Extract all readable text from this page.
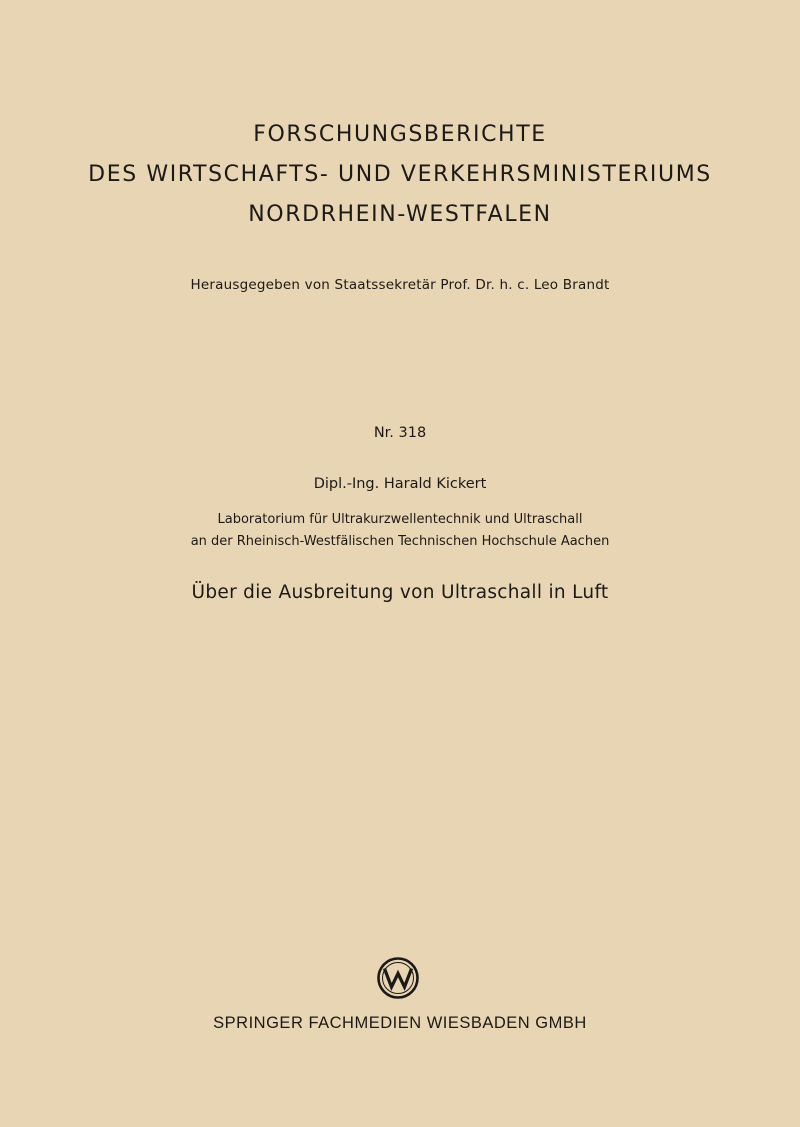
FORSCHUNGSBERICHTE
DES WIRTSCHAFTS- UND VERKEHRSMINISTERIUMS
NORDRHEIN-WESTFALEN
Herausgegeben von Staatssekretär Prof. Dr. h. c. Leo Brandt
Nr. 318
Dipl.-Ing. Harald Kickert
Laboratorium für Ultrakurzwellentechnik und Ultraschall
an der Rheinisch-Westfälischen Technischen Hochschule Aachen
Über die Ausbreitung von Ultraschall in Luft
SPRINGER FACHMEDIEN WIESBADEN GMBH
